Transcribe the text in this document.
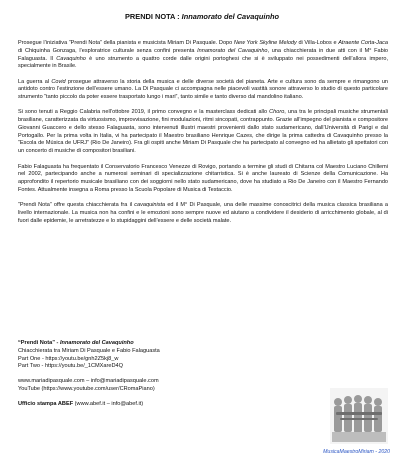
PRENDI NOTA : Innamorato del Cavaquinho

Prosegue l’iniziativa “Prendi Nota” della pianista e musicista Miriam Di Pasquale. Dopo New York Skyline Melody di Villa-Lobos e Atraente Corta-Jaca di Chiquinha Gonzaga, l’esploratrice culturale senza confini presenta Innamorato del Cavaquinho, una chiacchierata in due atti con il M° Fabio Falaguasta. Il Cavaquinho è uno strumento a quattro corde dalle origini portoghesi che si è sviluppato nei possedimenti dell’allora impero, specialmente in Brasile.

La guerra al Covid prosegue attraverso la storia della musica e delle diverse società del pianeta. Arte e cultura sono da sempre e rimangono un antidoto contro l’estinzione dell’essere umano. La Di Pasquale ci accompagna nelle piacevoli vastità sonore attraverso lo studio di questo particolare strumento “tanto piccolo da poter essere trasportato lungo i mari”, tanto simile e tanto diverso dal mandolino italiano.

Si sono tenuti a Reggio Calabria nell’ottobre 2019, il primo convegno e la masterclass dedicati allo Choro, una tra le principali musiche strumentali brasiliane, caratterizzata da virtuosismo, improvvisazione, fini modulazioni, ritmi sincopati, contrappunto. Grazie all’impegno del pianista e compositore Giovanni Guaccero e dello stesso Falaguasta, sono intervenuti illustri maestri provenienti dallo stato sudamericano, dall’Università di Parigi e dal Portogallo. Per la prima volta in Italia, vi ha partecipato il Maestro brasiliano Henrique Cazes, che dirige la prima cattedra di Cavaquinho presso la “Escola de Música de UFRJ” (Rio De Janeiro). Fra gli ospiti anche Miriam Di Pasquale che ha partecipato al convegno ed ha allietato gli spettatori con un concerto di musiche di compositori brasiliani.

Fabio Falaguasta ha frequentato il Conservatorio Francesco Venezze di Rovigo, portando a termine gli studi di Chitarra col Maestro Luciano Chillemi nel 2002, partecipando anche a numerosi seminari di specializzazione chitarristica. Si è anche laureato di Scienze della Comunicazione. Ha approfondito il repertorio musicale brasiliano con dei soggiorni nello stato sudamericano, dove ha studiato a Rio De Janeiro con il Maestro Fernando Fontes. Attualmente insegna a Roma presso la Scuola Popolare di Musica di Testaccio.

“Prendi Nota” offre questa chiacchierata fra il cavaquinista ed il M° Di Pasquale, una delle massime conoscitrici della musica classica brasiliana a livello internazionale. La musica non ha confini e le emozioni sono sempre nuove ed aiutano a condividere il desiderio di arricchimento globale, al di fuori dalle epidemie, le arretratezze e lo stupidaggini dell’essere e delle società malate.

“Prendi Nota” - Innamorato del Cavaquinho
Chiacchierata tra Miriam Di Pasquale e Fabio Falaguasta
Part One - https://youtu.be/gnh2Z5kj8_w
Part Two - https://youtu.be/_1CMXareD4Q
www.mariadipasquale.com – info@mariadipasquale.com
YouTube (https://www.youtube.com/user/CRomaPiano)
Ufficio stampa ABEF (www.abef.it – info@abef.it)
MusicaMaestroMiriam - 2020
